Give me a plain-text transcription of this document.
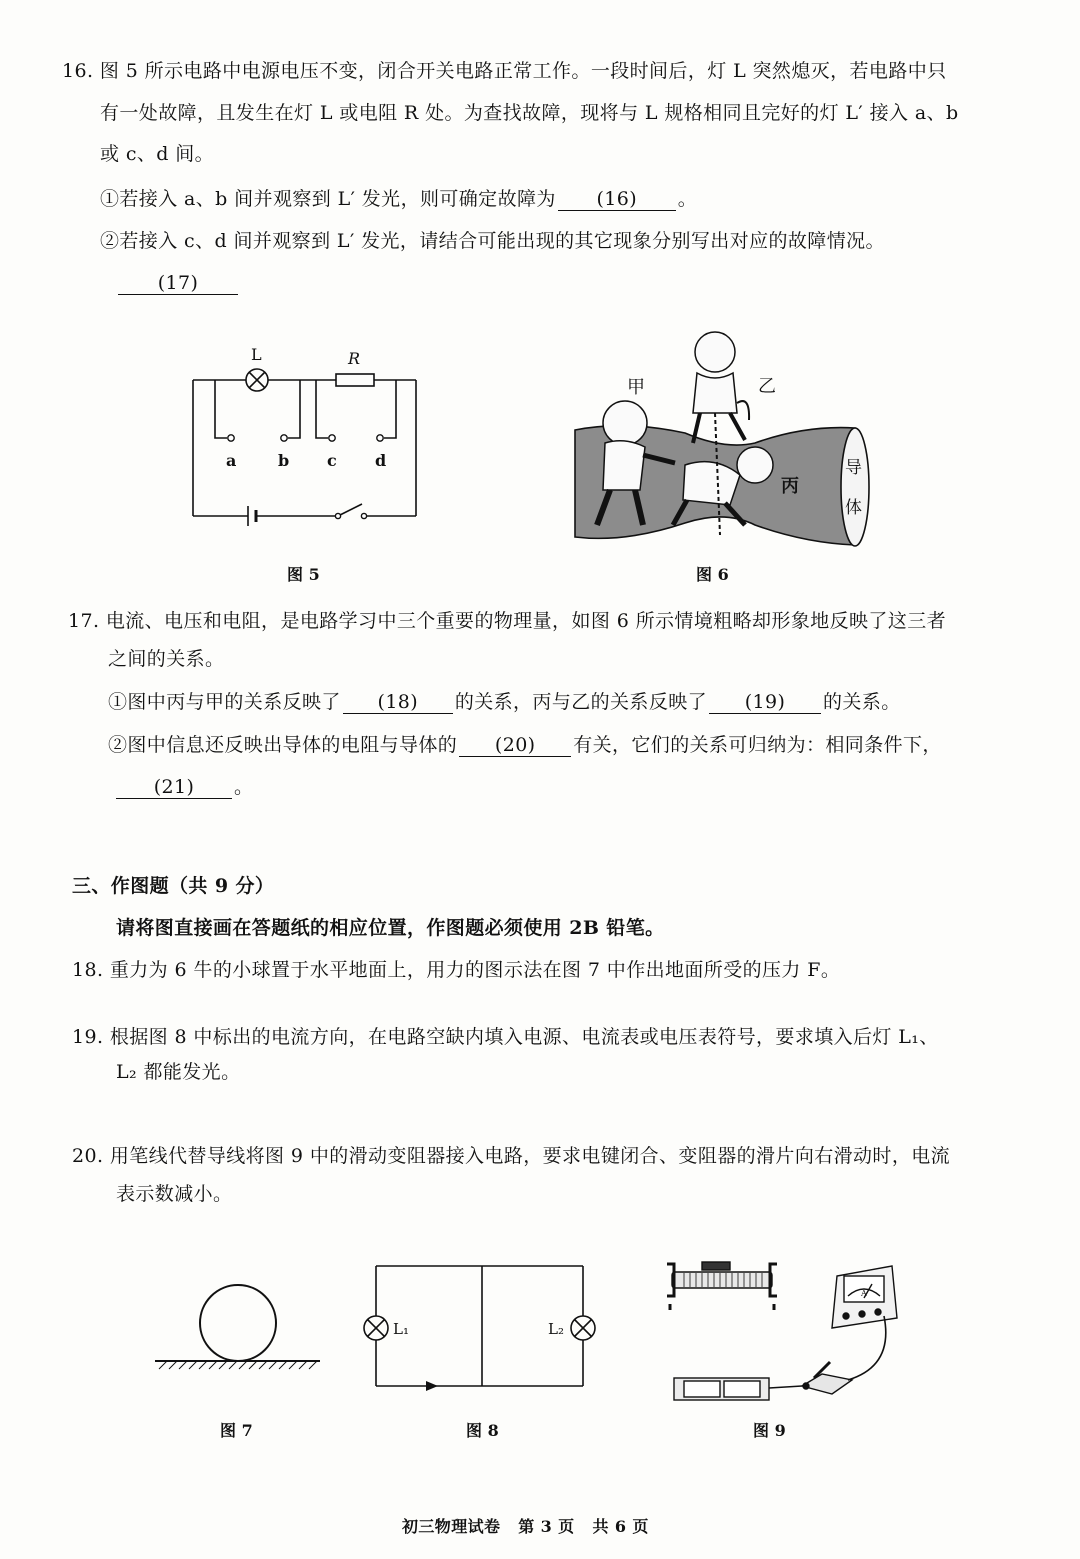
16. 图 5 所示电路中电源电压不变，闭合开关电路正常工作。一段时间后，灯 L 突然熄灭，若电路中只
有一处故障，且发生在灯 L 或电阻 R 处。为查找故障，现将与 L 规格相同且完好的灯 L′ 接入 a、b
或 c、d 间。
①若接入 a、b 间并观察到 L′ 发光，则可确定故障为 (16) 。
②若接入 c、d 间并观察到 L′ 发光，请结合可能出现的其它现象分别写出对应的故障情况。
(17)
L	R
a	b c d
图 5
甲	乙
丙
导
体
图 6
17. 电流、电压和电阻，是电路学习中三个重要的物理量，如图 6 所示情境粗略却形象地反映了这三者
之间的关系。
①图中丙与甲的关系反映了 (18) 的关系，丙与乙的关系反映了 (19) 的关系。
②图中信息还反映出导体的电阻与导体的 (20) 有关，它们的关系可归纳为：相同条件下，
(21) 。
三、作图题（共 9 分）
请将图直接画在答题纸的相应位置，作图题必须使用 2B 铅笔。
18. 重力为 6 牛的小球置于水平地面上，用力的图示法在图 7 中作出地面所受的压力 F。
19. 根据图 8 中标出的电流方向，在电路空缺内填入电源、电流表或电压表符号，要求填入后灯 L₁、
L₂ 都能发光。
20. 用笔线代替导线将图 9 中的滑动变阻器接入电路，要求电键闭合、变阻器的滑片向右滑动时，电流
表示数减小。
图 7
L₁	L₂
图 8
A
图 9
初三物理试卷   第 3 页   共 6 页
